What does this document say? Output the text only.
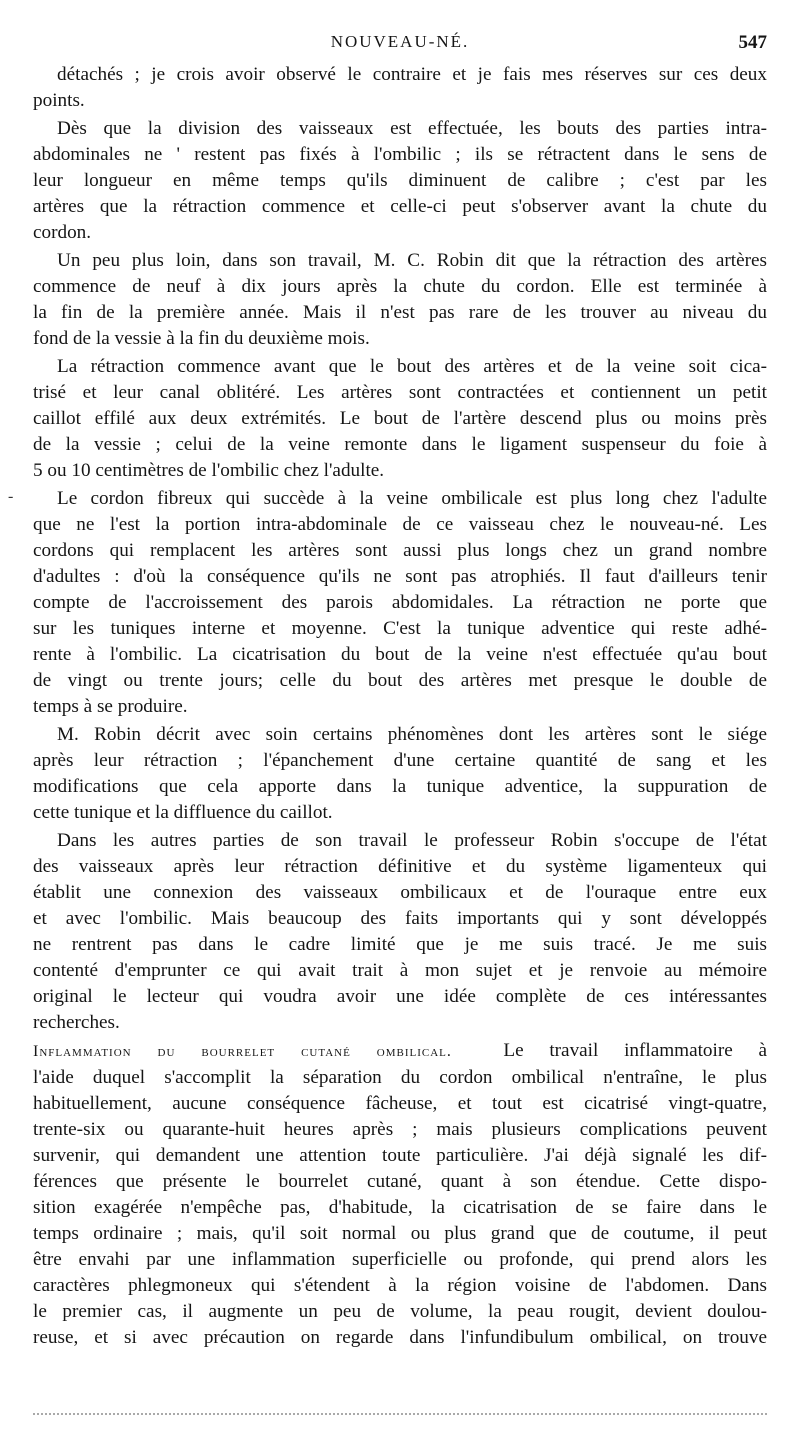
NOUVEAU-NÉ.	547
détachés ; je crois avoir observé le contraire et je fais mes réserves sur ces deux
points.
Dès que la division des vaisseaux est effectuée, les bouts des parties intra-
abdominales ne ' restent pas fixés à l'ombilic ; ils se rétractent dans le sens de
leur longueur en même temps qu'ils diminuent de calibre ; c'est par les
artères que la rétraction commence et celle-ci peut s'observer avant la chute du
cordon.
Un peu plus loin, dans son travail, M. C. Robin dit que la rétraction des artères
commence de neuf à dix jours après la chute du cordon. Elle est terminée à
la fin de la première année. Mais il n'est pas rare de les trouver au niveau du
fond de la vessie à la fin du deuxième mois.
La rétraction commence avant que le bout des artères et de la veine soit cica-
trisé et leur canal oblitéré. Les artères sont contractées et contiennent un petit
caillot effilé aux deux extrémités. Le bout de l'artère descend plus ou moins près
de la vessie ; celui de la veine remonte dans le ligament suspenseur du foie à
5 ou 10 centimètres de l'ombilic chez l'adulte.
Le cordon fibreux qui succède à la veine ombilicale est plus long chez l'adulte
que ne l'est la portion intra-abdominale de ce vaisseau chez le nouveau-né. Les
cordons qui remplacent les artères sont aussi plus longs chez un grand nombre
d'adultes : d'où la conséquence qu'ils ne sont pas atrophiés. Il faut d'ailleurs tenir
compte de l'accroissement des parois abdomidales. La rétraction ne porte que
sur les tuniques interne et moyenne. C'est la tunique adventice qui reste adhé-
rente à l'ombilic. La cicatrisation du bout de la veine n'est effectuée qu'au bout
de vingt ou trente jours; celle du bout des artères met presque le double de
temps à se produire.
M. Robin décrit avec soin certains phénomènes dont les artères sont le siége
après leur rétraction ; l'épanchement d'une certaine quantité de sang et les
modifications que cela apporte dans la tunique adventice, la suppuration de
cette tunique et la diffluence du caillot.
Dans les autres parties de son travail le professeur Robin s'occupe de l'état
des vaisseaux après leur rétraction définitive et du système ligamenteux qui
établit une connexion des vaisseaux ombilicaux et de l'ouraque entre eux
et avec l'ombilic. Mais beaucoup des faits importants qui y sont développés
ne rentrent pas dans le cadre limité que je me suis tracé. Je me suis
contenté d'emprunter ce qui avait trait à mon sujet et je renvoie au mémoire
original le lecteur qui voudra avoir une idée complète de ces intéressantes
recherches.
Inflammation du bourrelet cutané ombilical.	Le travail inflammatoire à
l'aide duquel s'accomplit la séparation du cordon ombilical n'entraîne, le plus
habituellement, aucune conséquence fâcheuse, et tout est cicatrisé vingt-quatre,
trente-six ou quarante-huit heures après ; mais plusieurs complications peuvent
survenir, qui demandent une attention toute particulière. J'ai déjà signalé les dif-
férences que présente le bourrelet cutané, quant à son étendue. Cette dispo-
sition exagérée n'empêche pas, d'habitude, la cicatrisation de se faire dans le
temps ordinaire ; mais, qu'il soit normal ou plus grand que de coutume, il peut
être envahi par une inflammation superficielle ou profonde, qui prend alors les
caractères phlegmoneux qui s'étendent à la région voisine de l'abdomen. Dans
le premier cas, il augmente un peu de volume, la peau rougit, devient doulou-
reuse, et si avec précaution on regarde dans l'infundibulum ombilical, on trouve
-
